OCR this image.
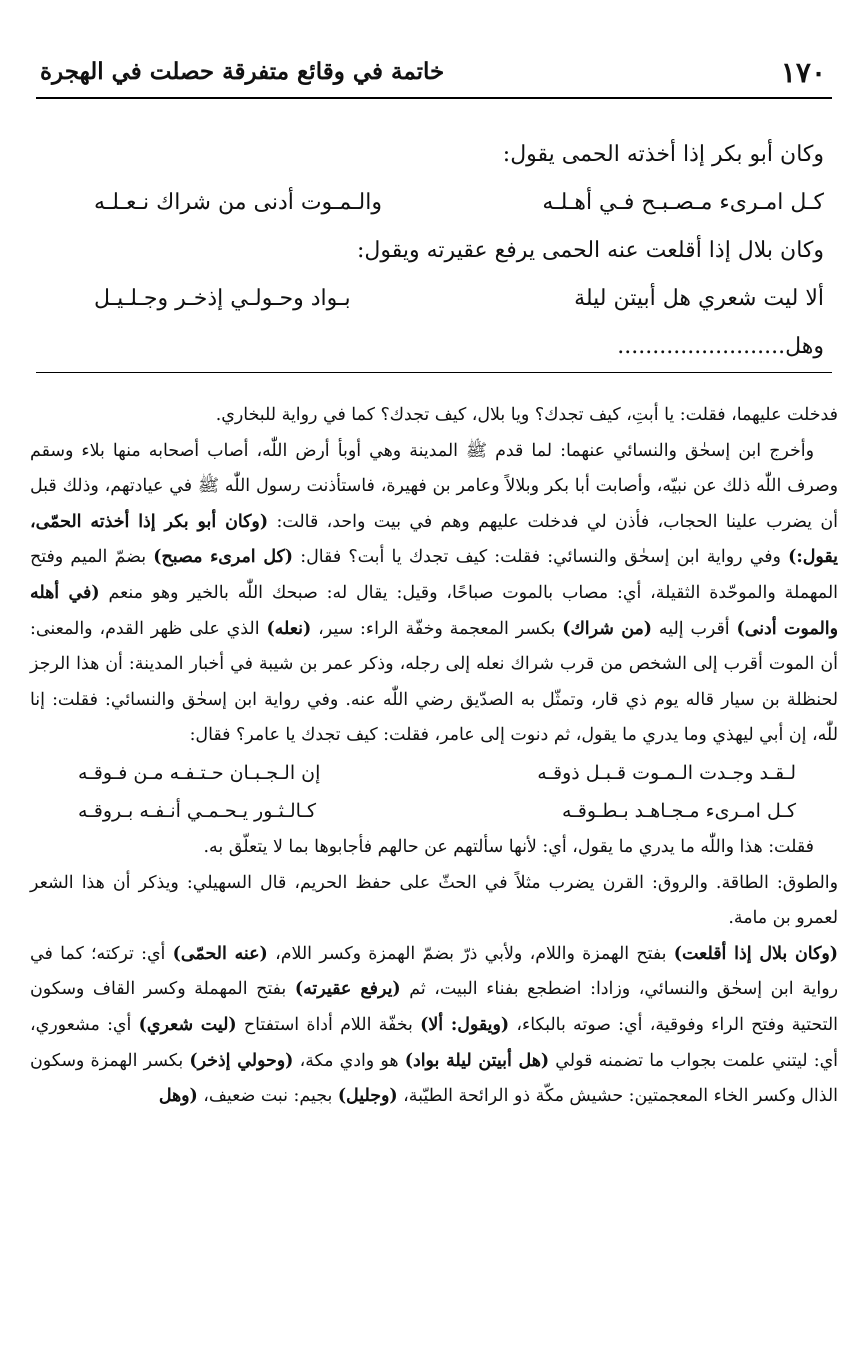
١٧٠
خاتمة في وقائع متفرقة حصلت في الهجرة
وكان أبو بكر إذا أخذته الحمى يقول:
كـل امـرىء مـصـبـح فـي أهـلـه
والـمـوت أدنى من شراك نـعـلـه
وكان بلال إذا أقلعت عنه الحمى يرفع عقيرته ويقول:
ألا ليت شعري هل أبيتن ليلة
بـواد وحـولـي إذخـر وجـلـيـل
وهل........................

فدخلت عليهما، فقلت: يا أبتِ، كيف تجدك؟ ويا بلال، كيف تجدك؟ كما في رواية للبخاري.

وأخرج ابن إسحٰق والنسائي عنهما: لما قدم ﷺ المدينة وهي أوبأ أرض اللّٰه، أصاب أصحابه منها بلاء وسقم وصرف اللّٰه ذلك عن نبيّه، وأصابت أبا بكر وبلالاً وعامر بن فهيرة، فاستأذنت رسول اللّٰه ﷺ في عيادتهم، وذلك قبل أن يضرب علينا الحجاب، فأذن لي فدخلت عليهم وهم في بيت واحد، قالت: (وكان أبو بكر إذا أخذته الحمّى، يقول:) وفي رواية ابن إسحٰق والنسائي: فقلت: كيف تجدك يا أبت؟ فقال: (كل امرىء مصبح) بضمّ الميم وفتح المهملة والموحّدة الثقيلة، أي: مصاب بالموت صباحًا، وقيل: يقال له: صبحك اللّٰه بالخير وهو منعم (في أهله والموت أدنى) أقرب إليه (من شراك) بكسر المعجمة وخفّة الراء: سير، (نعله) الذي على ظهر القدم، والمعنى: أن الموت أقرب إلى الشخص من قرب شراك نعله إلى رجله، وذكر عمر بن شيبة في أخبار المدينة: أن هذا الرجز لحنظلة بن سيار قاله يوم ذي قار، وتمثّل به الصدّيق رضي اللّٰه عنه. وفي رواية ابن إسحٰق والنسائي: فقلت: إنا للّٰه، إن أبي ليهذي وما يدري ما يقول، ثم دنوت إلى عامر، فقلت: كيف تجدك يا عامر؟ فقال:

لـقـد وجـدت الـمـوت قـبـل ذوقـه
إن الـجـبـان حـتـفـه مـن فـوقـه
كـل امـرىء مـجـاهـد بـطـوقـه
كـالـثـور يـحـمـي أنـفـه بـروقـه

فقلت: هذا واللّٰه ما يدري ما يقول، أي: لأنها سألتهم عن حالهم فأجابوها بما لا يتعلّق به.

والطوق: الطاقة. والروق: القرن يضرب مثلاً في الحثّ على حفظ الحريم، قال السهيلي: ويذكر أن هذا الشعر لعمرو بن مامة.

(وكان بلال إذا أقلعت) بفتح الهمزة واللام، ولأبي ذرّ بضمّ الهمزة وكسر اللام، (عنه الحمّى) أي: تركته؛ كما في رواية ابن إسحٰق والنسائي، وزادا: اضطجع بفناء البيت، ثم (يرفع عقيرته) بفتح المهملة وكسر القاف وسكون التحتية وفتح الراء وفوقية، أي: صوته بالبكاء، (ويقول: ألا) بخفّة اللام أداة استفتاح (ليت شعري) أي: مشعوري، أي: ليتني علمت بجواب ما تضمنه قولي (هل أبيتن ليلة بواد) هو وادي مكة، (وحولي إذخر) بكسر الهمزة وسكون الذال وكسر الخاء المعجمتين: حشيش مكّة ذو الرائحة الطيّبة، (وجليل) بجيم: نبت ضعيف، (وهل
